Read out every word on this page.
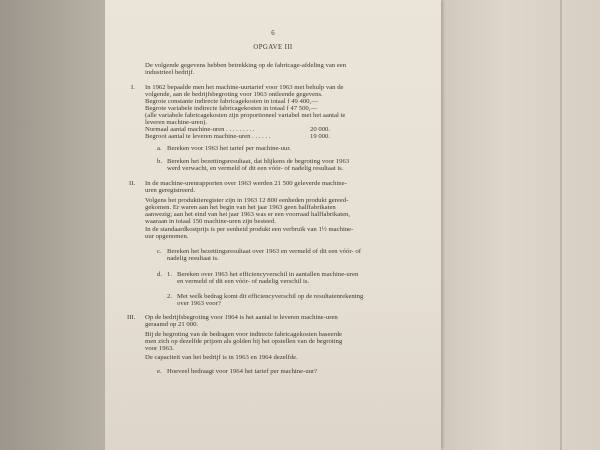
6
OPGAVE III
De volgende gegevens hebben betrekking op de fabricage-afdeling van een
industrieel bedrijf.
I. In 1962 bepaalde men het machine-uurtarief voor 1963 met behulp van de
volgende, aan de bedrijfsbegroting voor 1963 ontleende gegevens.
Begrote constante indirecte fabricagekosten in totaal f 49 400,—
Begrote variabele indirecte fabricagekosten in totaal f 47 500,—
(alle variabele fabricagekosten zijn proportioneel variabel met het aantal te
leveren machine-uren).
Normaal aantal machine-uren . . . . . . . . .	20 000.
Begroot aantal te leveren machine-uren . . . . . .	19 000.
a. Bereken voor 1963 het tarief per machine-uur.
b. Bereken het bezettingsresultaat, dat blijkens de begroting voor 1963
werd verwacht, en vermeld of dit een vóór- of nadelig resultaat is.
II. In de machine-urenrapporten over 1963 werden 21 500 geleverde machine-
uren geregistreerd.
Volgens het produktieregister zijn in 1963 12 800 eenheden produkt gereed-
gekomen. Er waren aan het begin van het jaar 1963 geen halffabrikaten
aanwezig; aan het eind van het jaar 1963 was er een voorraad halffabrikaten,
waaraan in totaal 150 machine-uren zijn besteed.
In de standaardkostprijs is per eenheid produkt een verbruik van 1½ machine-
uur opgenomen.
c. Bereken het bezettingsresultaat over 1963 en vermeld of dit een vóór- of
nadelig resultaat is.
d. 1. Bereken over 1963 het efficiencyverschil in aantallen machine-uren
en vermeld of dit een vóór- of nadelig verschil is.
2. Met welk bedrag komt dit efficiencyverschil op de resultatenrekening
over 1963 voor?
III. Op de bedrijfsbegroting voor 1964 is het aantal te leveren machine-uren
geraamd op 21 000.
Bij de begroting van de bedragen voor indirecte fabricagekosten baseerde
men zich op dezelfde prijzen als golden bij het opstellen van de begroting
voor 1963.
De capaciteit van het bedrijf is in 1963 en 1964 dezelfde.
e. Hoeveel bedraagt voor 1964 het tarief per machine-uur?
